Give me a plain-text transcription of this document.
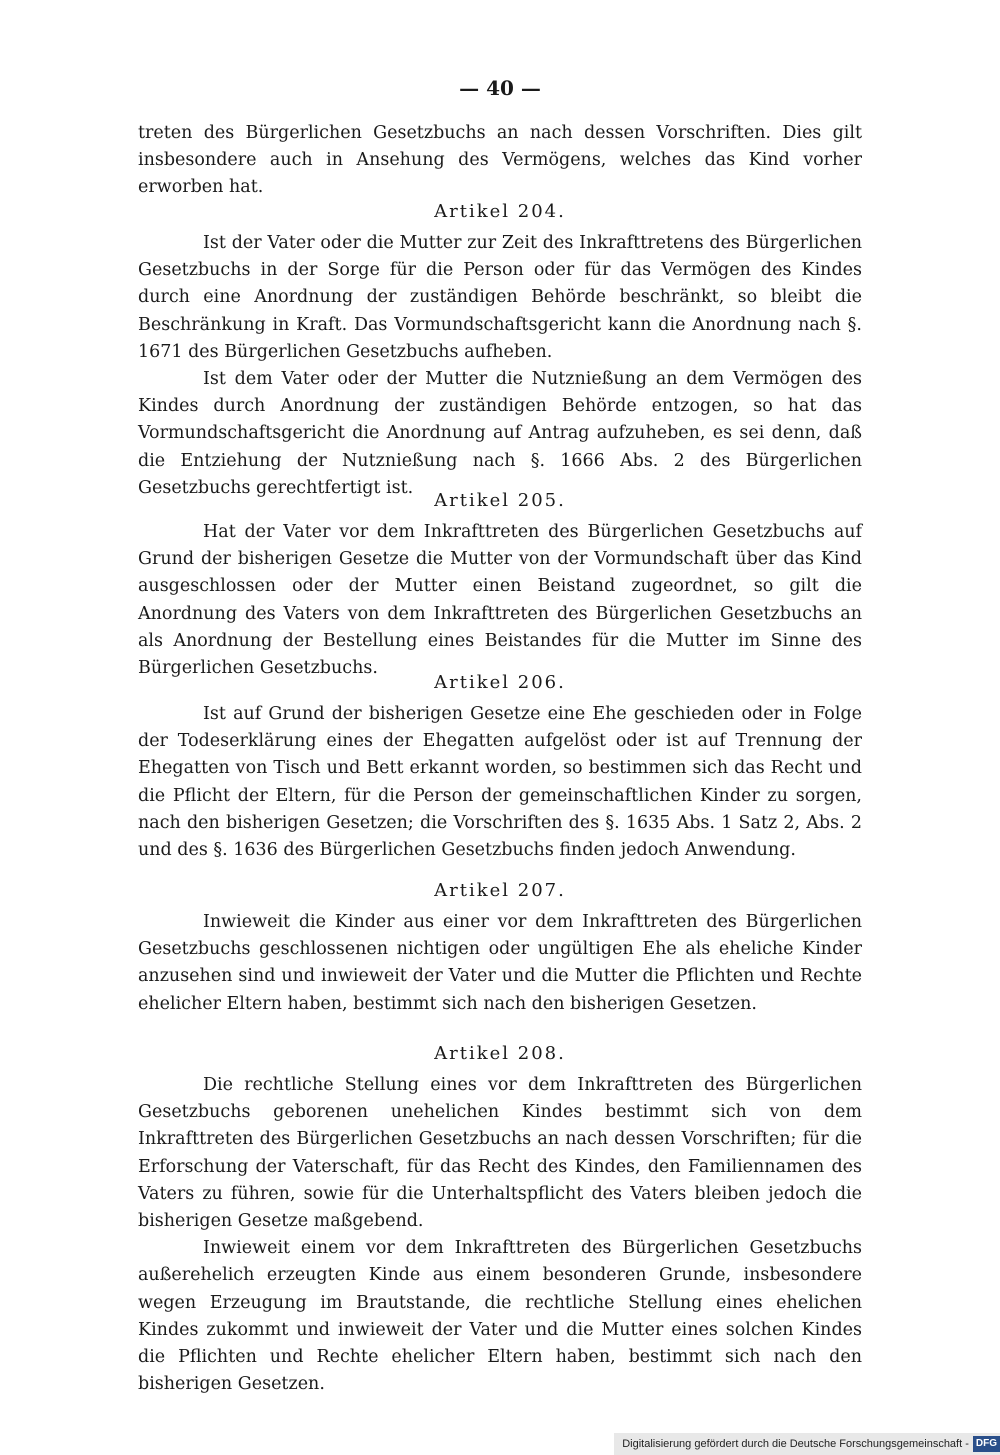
— 40 —

treten des Bürgerlichen Gesetzbuchs an nach dessen Vorschriften. Dies gilt insbesondere auch in Ansehung des Vermögens, welches das Kind vorher erworben hat.

Artikel 204.

Ist der Vater oder die Mutter zur Zeit des Inkrafttretens des Bürgerlichen Gesetzbuchs in der Sorge für die Person oder für das Vermögen des Kindes durch eine Anordnung der zuständigen Behörde beschränkt, so bleibt die Beschränkung in Kraft. Das Vormundschaftsgericht kann die Anordnung nach §. 1671 des Bürgerlichen Gesetzbuchs aufheben.

Ist dem Vater oder der Mutter die Nutznießung an dem Vermögen des Kindes durch Anordnung der zuständigen Behörde entzogen, so hat das Vormundschaftsgericht die Anordnung auf Antrag aufzuheben, es sei denn, daß die Entziehung der Nutznießung nach §. 1666 Abs. 2 des Bürgerlichen Gesetzbuchs gerechtfertigt ist.

Artikel 205.

Hat der Vater vor dem Inkrafttreten des Bürgerlichen Gesetzbuchs auf Grund der bisherigen Gesetze die Mutter von der Vormundschaft über das Kind ausgeschlossen oder der Mutter einen Beistand zugeordnet, so gilt die Anordnung des Vaters von dem Inkrafttreten des Bürgerlichen Gesetzbuchs an als Anordnung der Bestellung eines Beistandes für die Mutter im Sinne des Bürgerlichen Gesetzbuchs.

Artikel 206.

Ist auf Grund der bisherigen Gesetze eine Ehe geschieden oder in Folge der Todeserklärung eines der Ehegatten aufgelöst oder ist auf Trennung der Ehegatten von Tisch und Bett erkannt worden, so bestimmen sich das Recht und die Pflicht der Eltern, für die Person der gemeinschaftlichen Kinder zu sorgen, nach den bisherigen Gesetzen; die Vorschriften des §. 1635 Abs. 1 Satz 2, Abs. 2 und des §. 1636 des Bürgerlichen Gesetzbuchs finden jedoch Anwendung.

Artikel 207.

Inwieweit die Kinder aus einer vor dem Inkrafttreten des Bürgerlichen Gesetzbuchs geschlossenen nichtigen oder ungültigen Ehe als eheliche Kinder anzusehen sind und inwieweit der Vater und die Mutter die Pflichten und Rechte ehelicher Eltern haben, bestimmt sich nach den bisherigen Gesetzen.

Artikel 208.

Die rechtliche Stellung eines vor dem Inkrafttreten des Bürgerlichen Gesetzbuchs geborenen unehelichen Kindes bestimmt sich von dem Inkrafttreten des Bürgerlichen Gesetzbuchs an nach dessen Vorschriften; für die Erforschung der Vaterschaft, für das Recht des Kindes, den Familiennamen des Vaters zu führen, sowie für die Unterhaltspflicht des Vaters bleiben jedoch die bisherigen Gesetze maßgebend.

Inwieweit einem vor dem Inkrafttreten des Bürgerlichen Gesetzbuchs außerehelich erzeugten Kinde aus einem besonderen Grunde, insbesondere wegen Erzeugung im Brautstande, die rechtliche Stellung eines ehelichen Kindes zukommt und inwieweit der Vater und die Mutter eines solchen Kindes die Pflichten und Rechte ehelicher Eltern haben, bestimmt sich nach den bisherigen Gesetzen.

Digitalisierung gefördert durch die Deutsche Forschungsgemeinschaft - DFG
